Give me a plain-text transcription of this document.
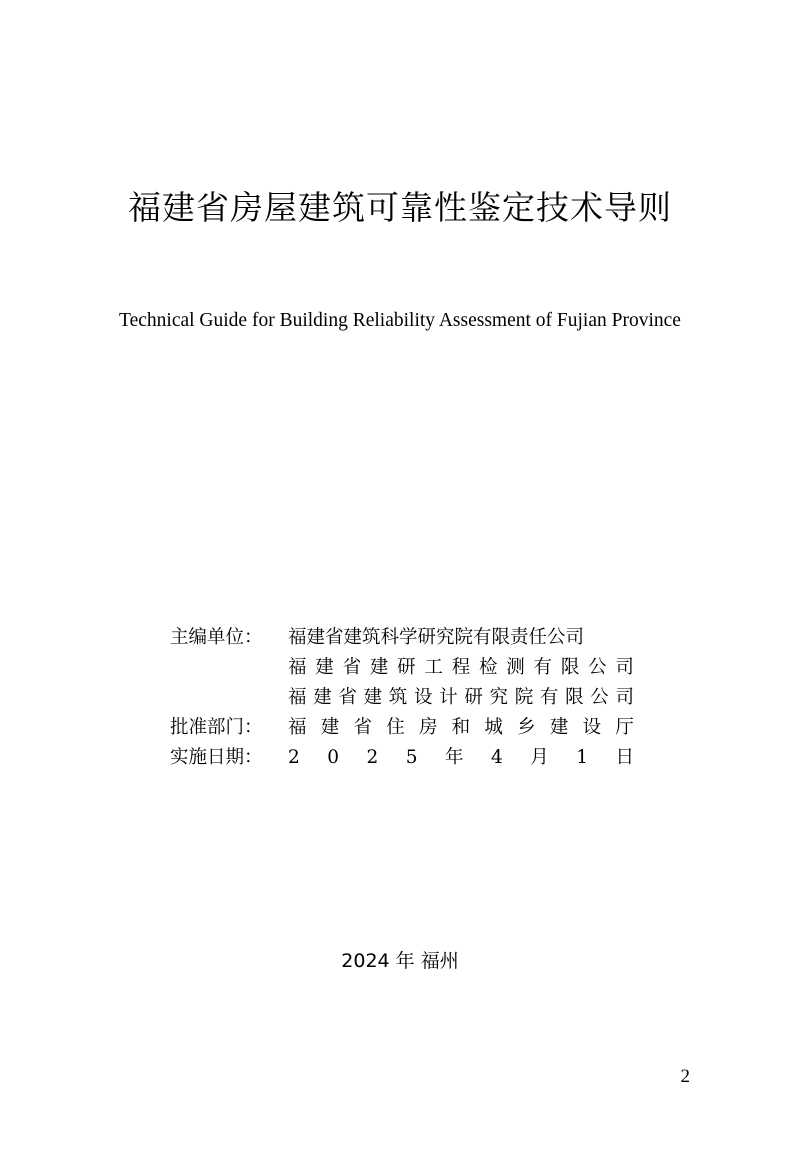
福建省房屋建筑可靠性鉴定技术导则
Technical Guide for Building Reliability Assessment of Fujian Province
主编单位：	福建省建筑科学研究院有限责任公司
福 建 省 建 研 工 程 检 测 有 限 公 司
福 建 省 建 筑 设 计 研 究 院 有 限 公 司
批准部门：	福 建 省 住 房 和 城 乡 建 设 厅
实施日期：	2 0 2 5 年 4 月 1 日
2024 年 福州
2
